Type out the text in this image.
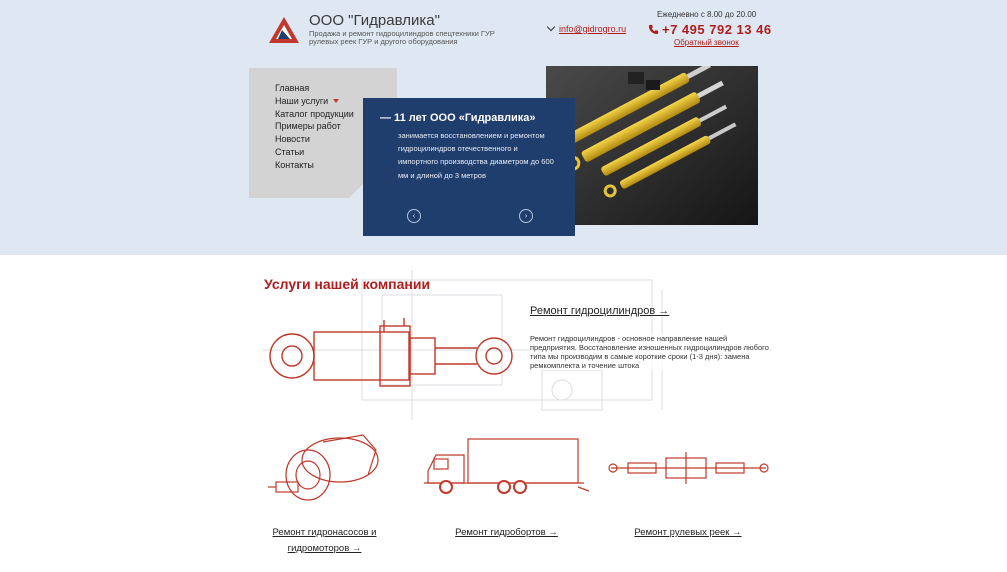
ООО "Гидравлика"
Продажа и ремонт гидроцилиндров спецтехники ГУР рулевых реек ГУР и другого оборудования
info@gidrogro.ru
Ежедневно с 8.00 до 20.00
+7 495 792 13 46
Обратный звонок
Главная
Наши услуги
Каталог продукции
Примеры работ
Новости
Статьи
Контакты
— 11 лет ООО «Гидравлика»
занимается восстановлением и ремонтом гидроцилиндров отечественного и импортного производства диаметром до 600 мм и длиной до 3 метров
‹	›
Услуги нашей компании
Ремонт гидроцилиндров →
Ремонт гидроцилиндров - основное направление нашей предприятия. Восстановление изношенных гидроцилиндров любого типа мы производим в самые короткие сроки (1-3 дня): замена ремкомплекта и точение штока
Ремонт гидронасосов и
гидромоторов →
Ремонт гидробортов →	Ремонт рулевых реек →
